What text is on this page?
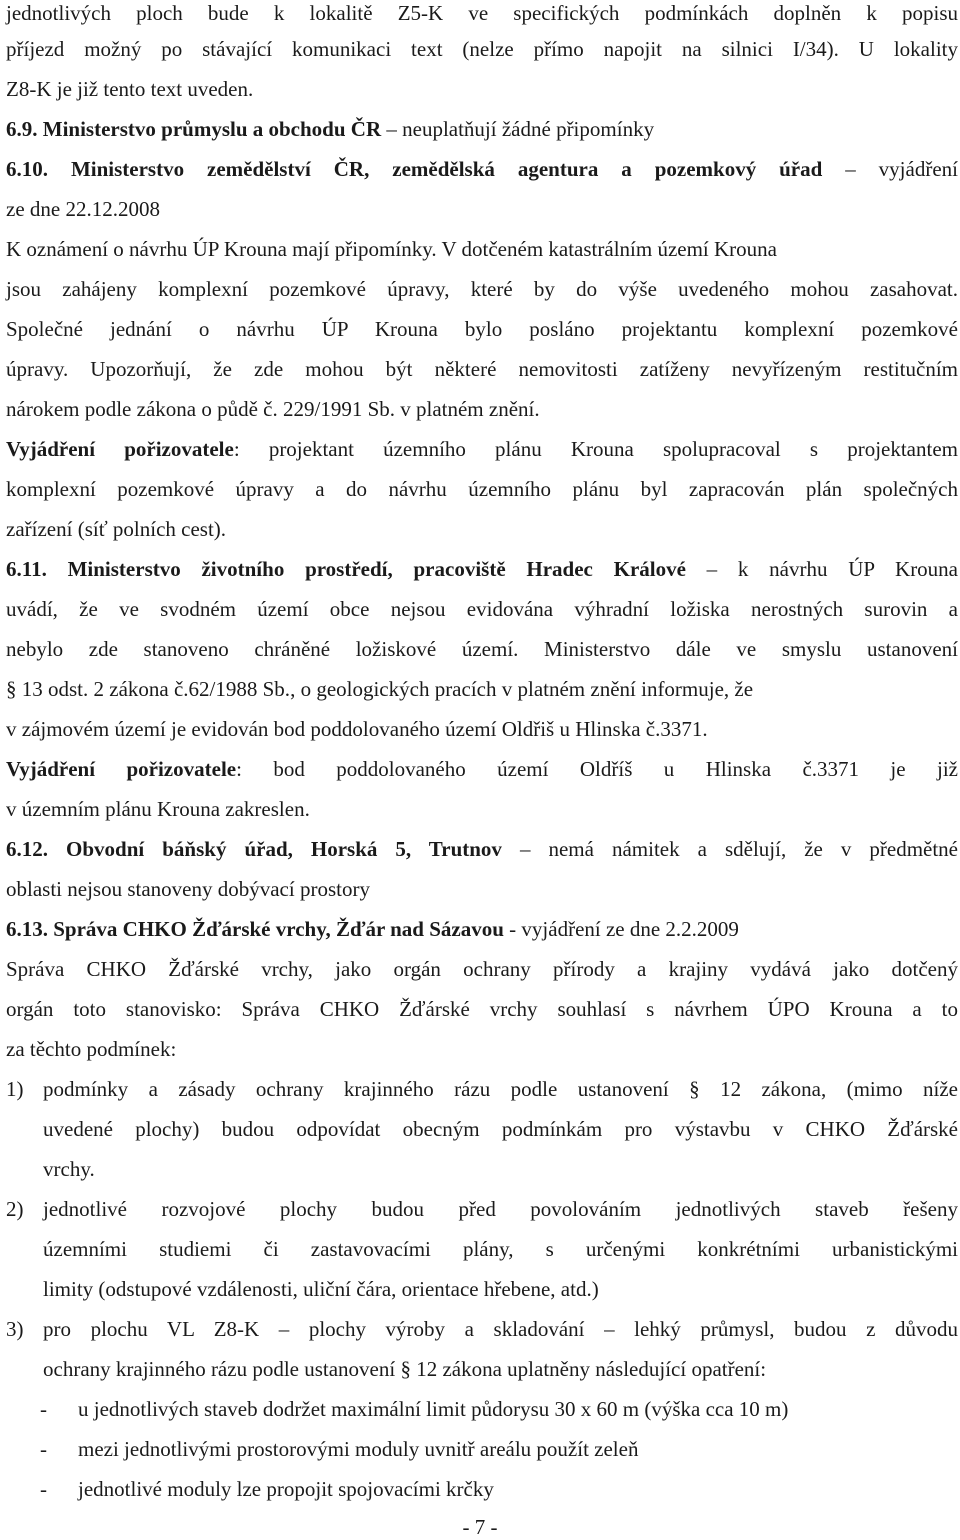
jednotlivých ploch bude k lokalitě Z5-K ve specifických podmínkách doplněn k popisu
příjezd možný po stávající komunikaci text (nelze přímo napojit na silnici I/34). U lokality
Z8-K je již tento text uveden.
6.9. Ministerstvo průmyslu a obchodu ČR – neuplatňují žádné připomínky
6.10. Ministerstvo zemědělství ČR, zemědělská agentura a pozemkový úřad – vyjádření
ze dne 22.12.2008
K oznámení o návrhu ÚP Krouna mají připomínky. V dotčeném katastrálním území Krouna
jsou zahájeny komplexní pozemkové úpravy, které by do výše uvedeného mohou zasahovat.
Společné jednání o návrhu ÚP Krouna bylo posláno projektantu komplexní pozemkové
úpravy. Upozorňují, že zde mohou být některé nemovitosti zatíženy nevyřízeným restitučním
nárokem podle zákona o půdě č. 229/1991 Sb. v platném znění.
Vyjádření pořizovatele: projektant územního plánu Krouna spolupracoval s projektantem
komplexní pozemkové úpravy a do návrhu územního plánu byl zapracován plán společných
zařízení (síť polních cest).
6.11. Ministerstvo životního prostředí, pracoviště Hradec Králové – k návrhu ÚP Krouna
uvádí, že ve svodném území obce nejsou evidována výhradní ložiska nerostných surovin a
nebylo zde stanoveno chráněné ložiskové území. Ministerstvo dále ve smyslu ustanovení
§ 13 odst. 2 zákona č.62/1988 Sb., o geologických pracích v platném znění informuje, že
v zájmovém území je evidován bod poddolovaného území Oldřiš u Hlinska č.3371.
Vyjádření pořizovatele: bod poddolovaného území Oldříš u Hlinska č.3371 je již
v územním plánu Krouna zakreslen.
6.12. Obvodní báňský úřad, Horská 5, Trutnov – nemá námitek a sdělují, že v předmětné
oblasti nejsou stanoveny dobývací prostory
6.13. Správa CHKO Žďárské vrchy, Žďár nad Sázavou - vyjádření ze dne 2.2.2009
Správa CHKO Žďárské vrchy, jako orgán ochrany přírody a krajiny vydává jako dotčený
orgán toto stanovisko: Správa CHKO Žďárské vrchy souhlasí s návrhem ÚPO Krouna a to
za těchto podmínek:
1) podmínky a zásady ochrany krajinného rázu podle ustanovení § 12 zákona, (mimo níže
uvedené plochy) budou odpovídat obecným podmínkám pro výstavbu v CHKO Žďárské
vrchy.
2) jednotlivé rozvojové plochy budou před povolováním jednotlivých staveb řešeny
územními studiemi či zastavovacími plány, s určenými konkrétními urbanistickými
limity (odstupové vzdálenosti, uliční čára, orientace hřebene, atd.)
3) pro plochu VL Z8-K – plochy výroby a skladování – lehký průmysl, budou z důvodu
ochrany krajinného rázu podle ustanovení § 12 zákona uplatněny následující opatření:
- u jednotlivých staveb dodržet maximální limit půdorysu 30 x 60 m (výška cca 10 m)
- mezi jednotlivými prostorovými moduly uvnitř areálu použít zeleň
- jednotlivé moduly lze propojit spojovacími krčky
- 7 -
